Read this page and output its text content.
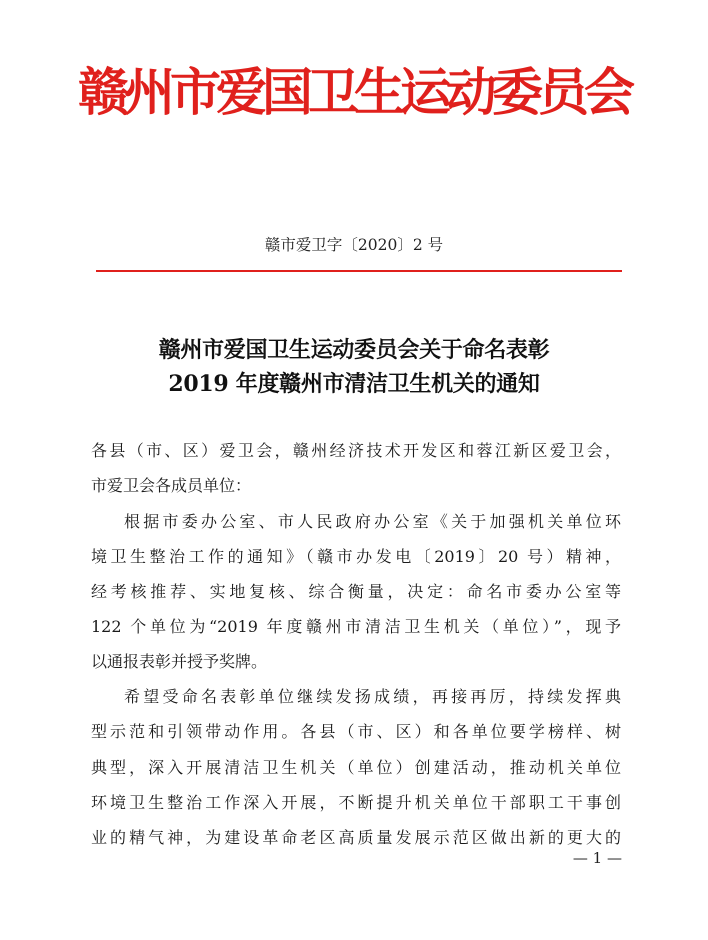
赣州市爱国卫生运动委员会
赣市爱卫字〔2020〕2 号
赣州市爱国卫生运动委员会关于命名表彰
2019 年度赣州市清洁卫生机关的通知
各县（市、区）爱卫会，赣州经济技术开发区和蓉江新区爱卫会，
市爱卫会各成员单位：
根据市委办公室、市人民政府办公室《关于加强机关单位环
境卫生整治工作的通知》（赣市办发电〔2019〕20 号）精神，
经考核推荐、实地复核、综合衡量，决定：命名市委办公室等
122 个单位为“2019 年度赣州市清洁卫生机关（单位）”，现予
以通报表彰并授予奖牌。
希望受命名表彰单位继续发扬成绩，再接再厉，持续发挥典
型示范和引领带动作用。各县（市、区）和各单位要学榜样、树
典型，深入开展清洁卫生机关（单位）创建活动，推动机关单位
环境卫生整治工作深入开展，不断提升机关单位干部职工干事创
业的精气神，为建设革命老区高质量发展示范区做出新的更大的
— 1 —
